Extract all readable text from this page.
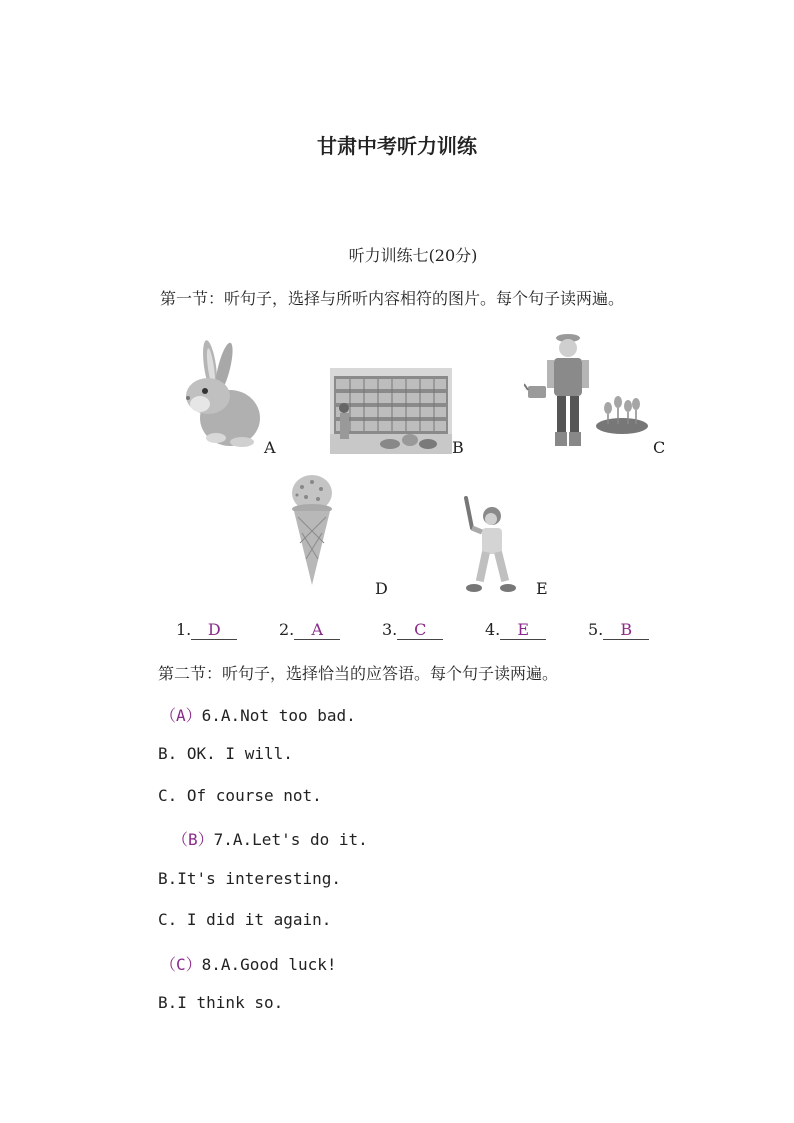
甘肃中考听力训练
听力训练七(20分)
第一节：听句子，选择与所听内容相符的图片。每个句子读两遍。
A	B	C
D	E
1. D	2. A	3. C	4. E	5. B
第二节：听句子，选择恰当的应答语。每个句子读两遍。
（A）6.A.Not too bad.
B. OK. I will.
C. Of course not.
（B）7.A.Let's do it.
B.It's interesting.
C. I did it again.
（C）8.A.Good luck!
B.I think so.
